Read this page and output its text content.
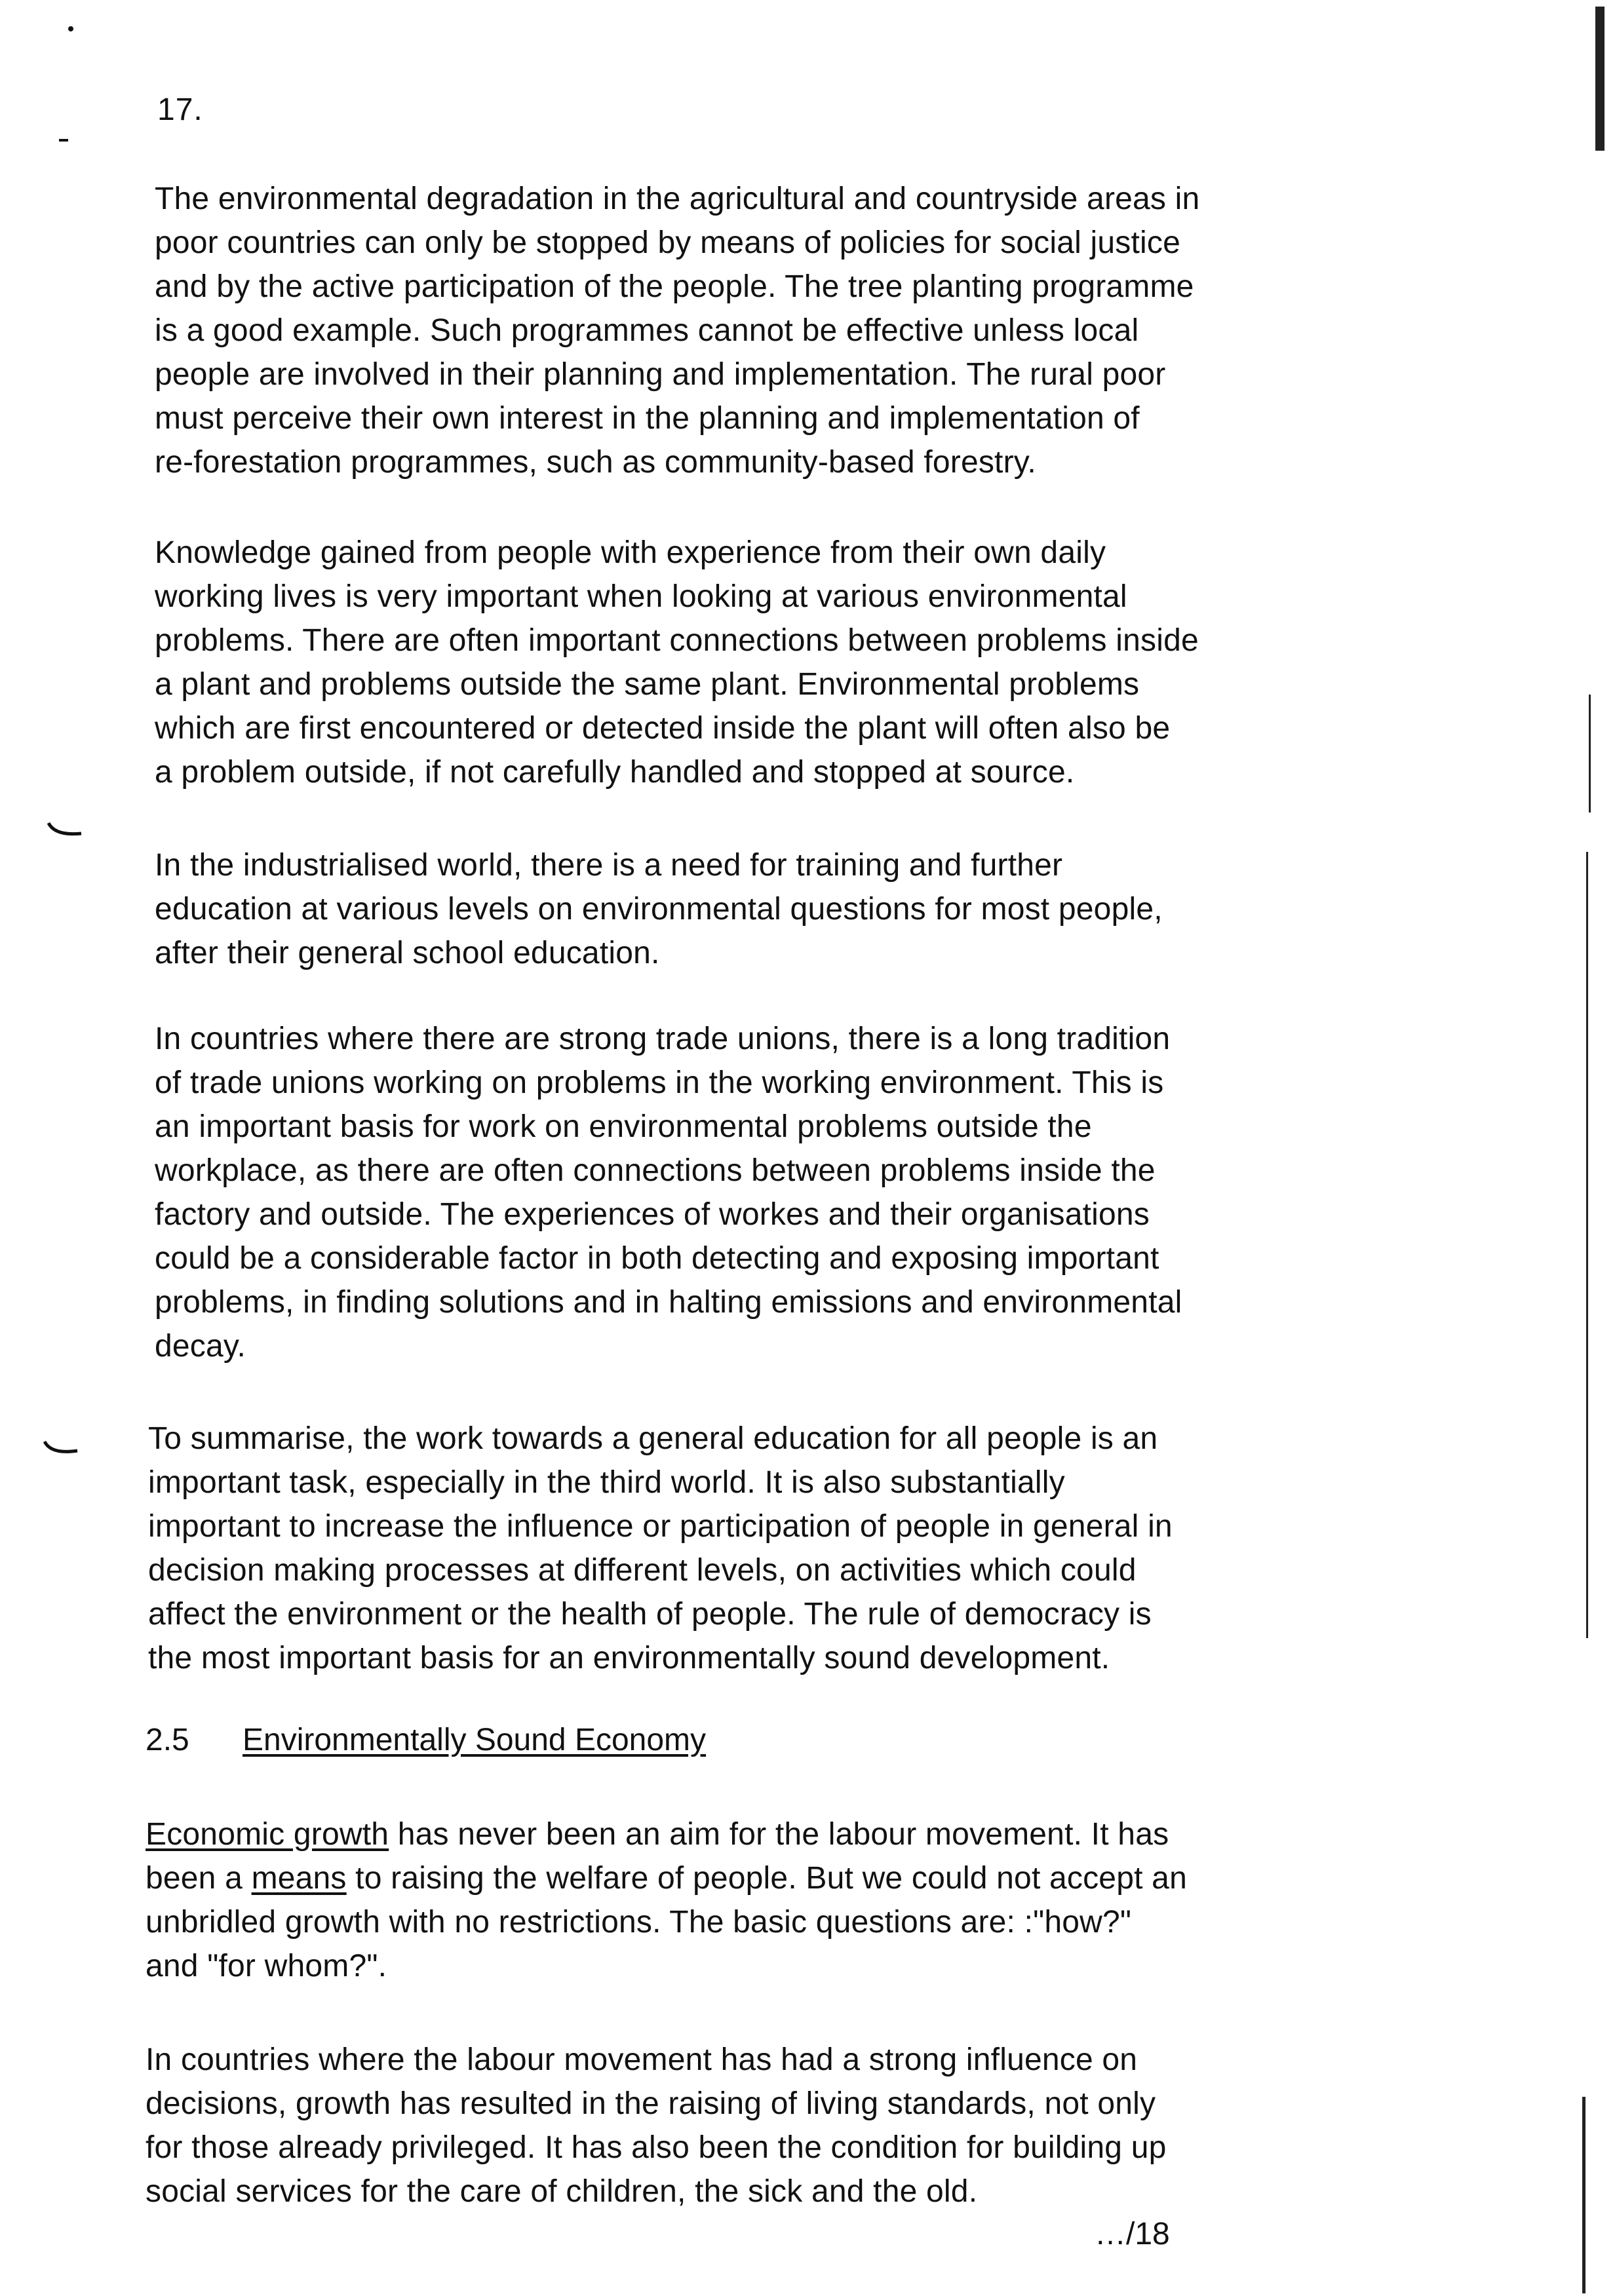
17.

The environmental degradation in the agricultural and countryside areas in
poor countries can only be stopped by means of policies for social justice
and by the active participation of the people. The tree planting programme
is a good example. Such programmes cannot be effective unless local
people are involved in their planning and implementation. The rural poor
must perceive their own interest in the planning and implementation of
re-forestation programmes, such as community-based forestry.

Knowledge gained from people with experience from their own daily
working lives is very important when looking at various environmental
problems. There are often important connections between problems inside
a plant and problems outside the same plant. Environmental problems
which are first encountered or detected inside the plant will often also be
a problem outside, if not carefully handled and stopped at source.

In the industrialised world, there is a need for training and further
education at various levels on environmental questions for most people,
after their general school education.

In countries where there are strong trade unions, there is a long tradition
of trade unions working on problems in the working environment. This is
an important basis for work on environmental problems outside the
workplace, as there are often connections between problems inside the
factory and outside. The experiences of workes and their organisations
could be a considerable factor in both detecting and exposing important
problems, in finding solutions and in halting emissions and environmental
decay.

To summarise, the work towards a general education for all people is an
important task, especially in the third world. It is also substantially
important to increase the influence or participation of people in general in
decision making processes at different levels, on activities which could
affect the environment or the health of people. The rule of democracy is
the most important basis for an environmentally sound development.

2.5 Environmentally Sound Economy

Economic growth has never been an aim for the labour movement. It has
been a means to raising the welfare of people. But we could not accept an
unbridled growth with no restrictions. The basic questions are: :"how?"
and "for whom?".

In countries where the labour movement has had a strong influence on
decisions, growth has resulted in the raising of living standards, not only
for those already privileged. It has also been the condition for building up
social services for the care of children, the sick and the old.

…/18
